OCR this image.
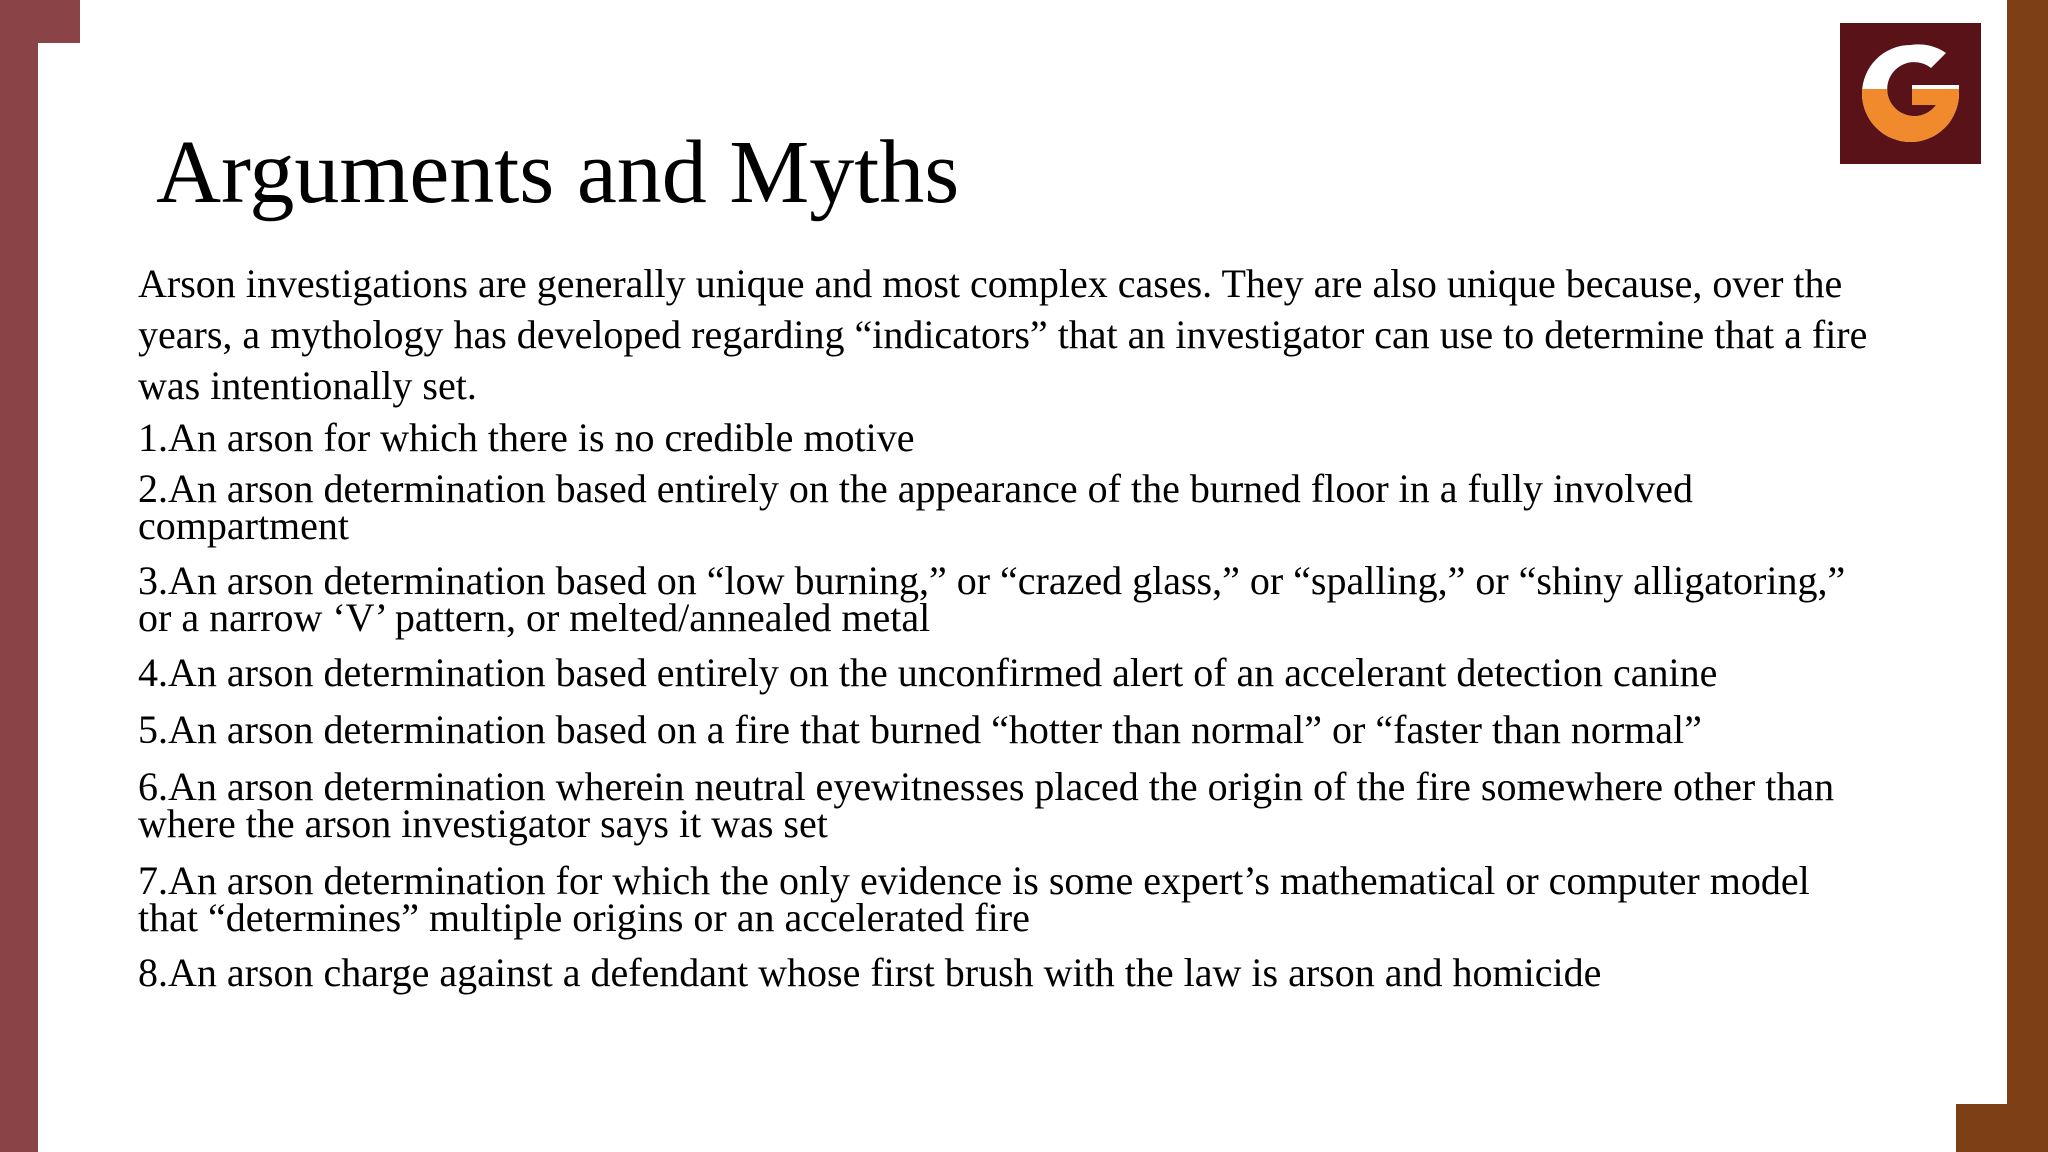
Arguments and Myths

Arson investigations are generally unique and most complex cases. They are also unique because, over the years, a mythology has developed regarding “indicators” that an investigator can use to determine that a fire was intentionally set.

1.An arson for which there is no credible motive
2.An arson determination based entirely on the appearance of the burned floor in a fully involved compartment
3.An arson determination based on “low burning,” or “crazed glass,” or “spalling,” or “shiny alligatoring,” or a narrow ‘V’ pattern, or melted/annealed metal
4.An arson determination based entirely on the unconfirmed alert of an accelerant detection canine
5.An arson determination based on a fire that burned “hotter than normal” or “faster than normal”
6.An arson determination wherein neutral eyewitnesses placed the origin of the fire somewhere other than where the arson investigator says it was set
7.An arson determination for which the only evidence is some expert’s mathematical or computer model that “determines” multiple origins or an accelerated fire
8.An arson charge against a defendant whose first brush with the law is arson and homicide
